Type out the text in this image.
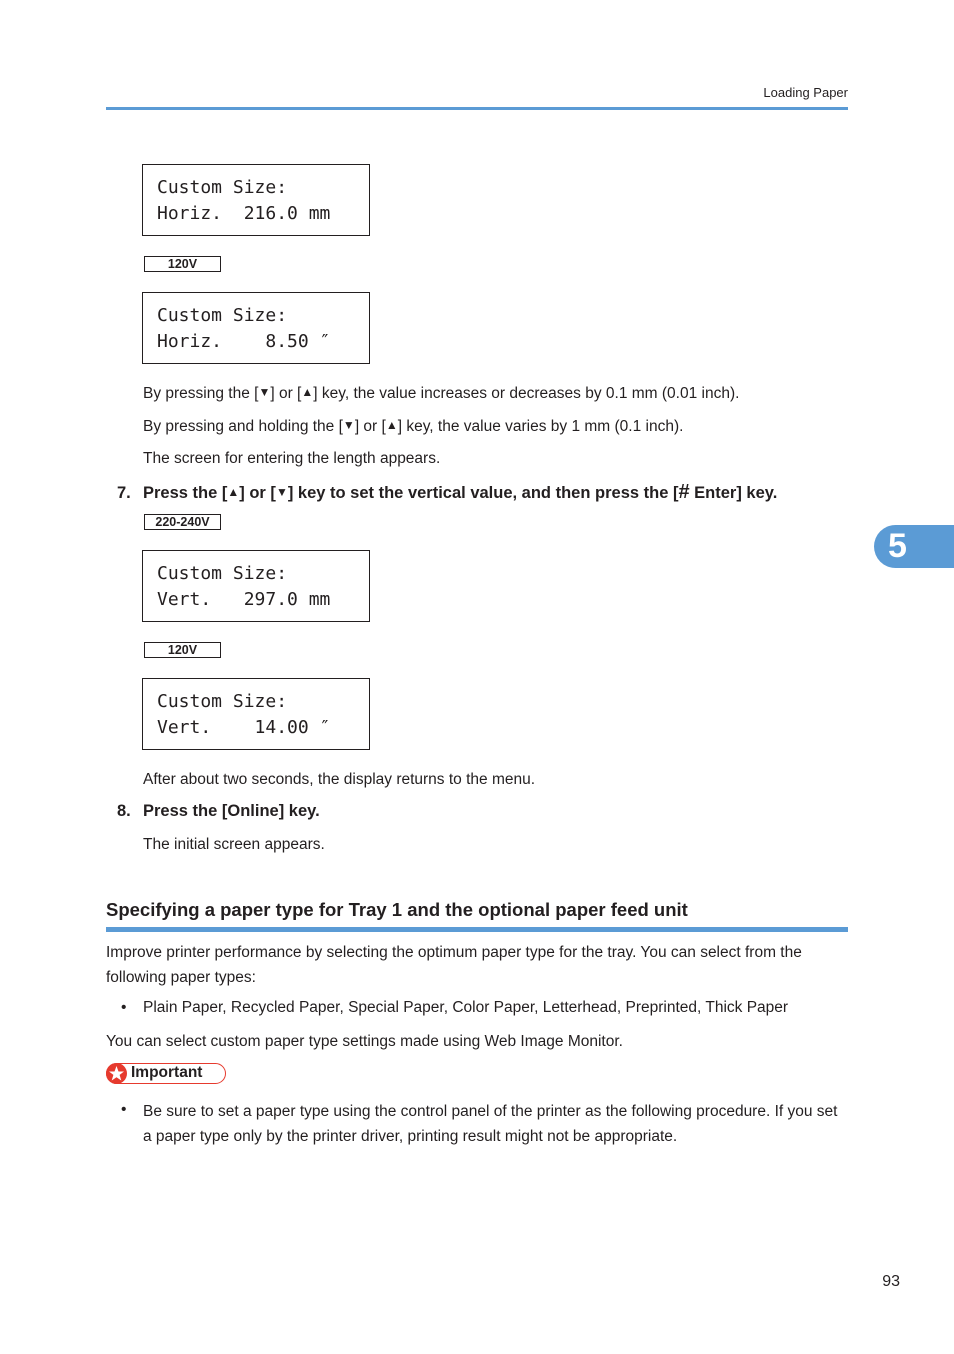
Loading Paper
Custom Size:
Horiz.  216.0 mm
120V
Custom Size:
Horiz.    8.50 ″
By pressing the [▼] or [▲] key, the value increases or decreases by 0.1 mm (0.01 inch).
By pressing and holding the [▼] or [▲] key, the value varies by 1 mm (0.1 inch).
The screen for entering the length appears.
7. Press the [▲] or [▼] key to set the vertical value, and then press the [# Enter] key.
220-240V
Custom Size:
Vert.   297.0 mm
120V
Custom Size:
Vert.    14.00 ″
After about two seconds, the display returns to the menu.
8. Press the [Online] key.
The initial screen appears.
5
Specifying a paper type for Tray 1 and the optional paper feed unit
Improve printer performance by selecting the optimum paper type for the tray. You can select from the following paper types:
• Plain Paper, Recycled Paper, Special Paper, Color Paper, Letterhead, Preprinted, Thick Paper
You can select custom paper type settings made using Web Image Monitor.
Important
• Be sure to set a paper type using the control panel of the printer as the following procedure. If you set a paper type only by the printer driver, printing result might not be appropriate.
93
